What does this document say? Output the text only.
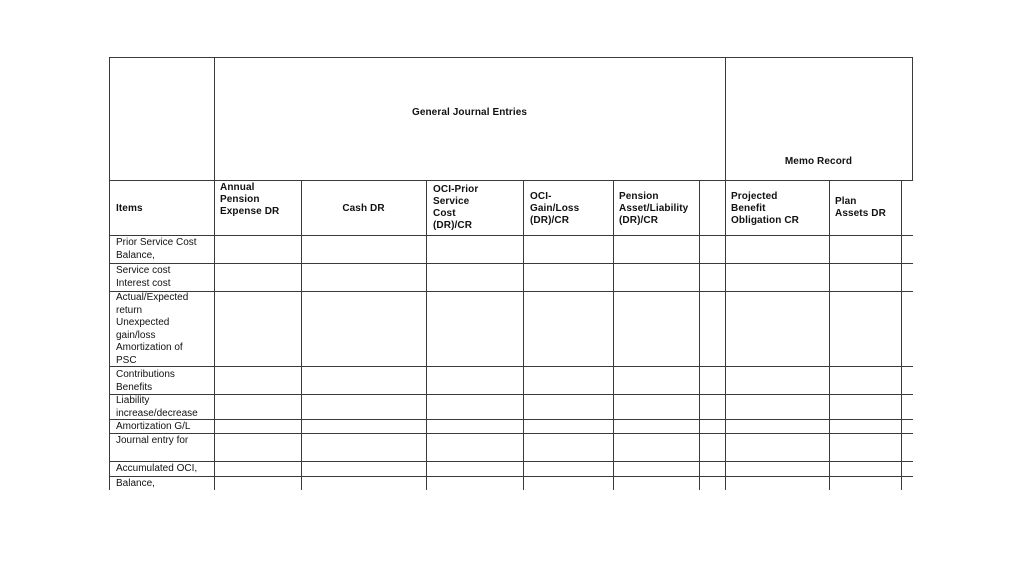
General Journal Entries
Memo Record
Items
Annual
Pension
Expense DR	Cash DR
OCI-Prior
Service
Cost
(DR)/CR
OCI-
Gain/Loss
(DR)/CR
Pension
Asset/Liability
(DR)/CR
Projected
Benefit
Obligation CR
Plan
Assets DR
Prior Service Cost
Balance,
Service cost
Interest cost
Actual/Expected
return
Unexpected
gain/loss
Amortization of
PSC
Contributions
Benefits
Liability
increase/decrease
Amortization G/L
Journal entry for
Accumulated OCI,
Balance,
